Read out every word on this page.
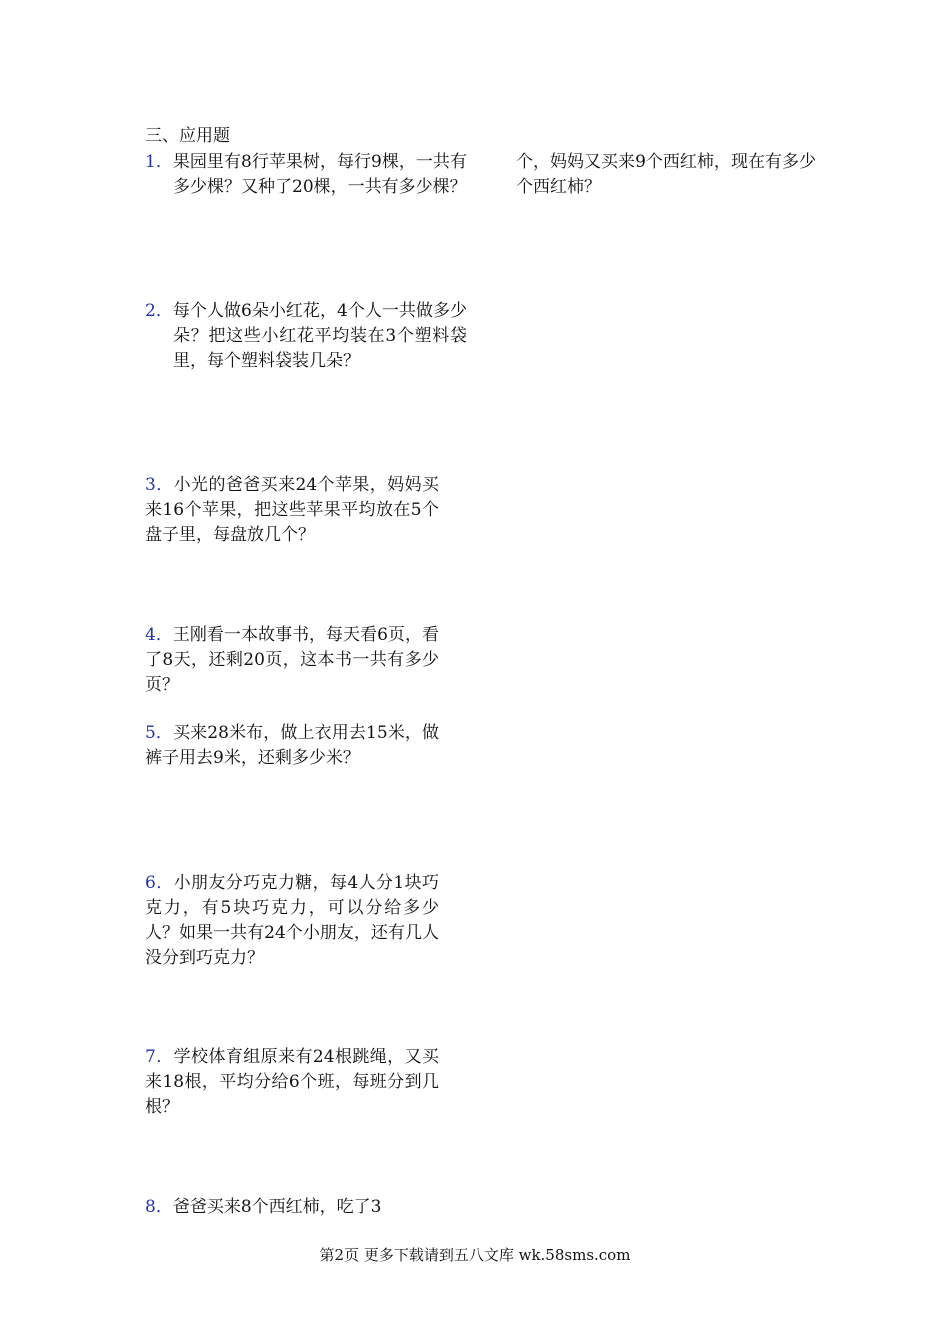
三、应用题

1．果园里有8行苹果树，每行9棵，一共有多少棵？又种了20棵，一共有多少棵？

2．每个人做6朵小红花，4个人一共做多少朵？把这些小红花平均装在3个塑料袋里，每个塑料袋装几朵？

3．小光的爸爸买来24个苹果，妈妈买来16个苹果，把这些苹果平均放在5个盘子里，每盘放几个？

4．王刚看一本故事书，每天看6页，看了8天，还剩20页，这本书一共有多少页？

5．买来28米布，做上衣用去15米，做裤子用去9米，还剩多少米？

6．小朋友分巧克力糖，每4人分1块巧克力，有5块巧克力，可以分给多少人？如果一共有24个小朋友，还有几人没分到巧克力？

7．学校体育组原来有24根跳绳，又买来18根，平均分给6个班，每班分到几根？

8．爸爸买来8个西红柿，吃了3

个，妈妈又买来9个西红柿，现在有多少个西红柿？

第2页 更多下载请到五八文库 wk.58sms.com
